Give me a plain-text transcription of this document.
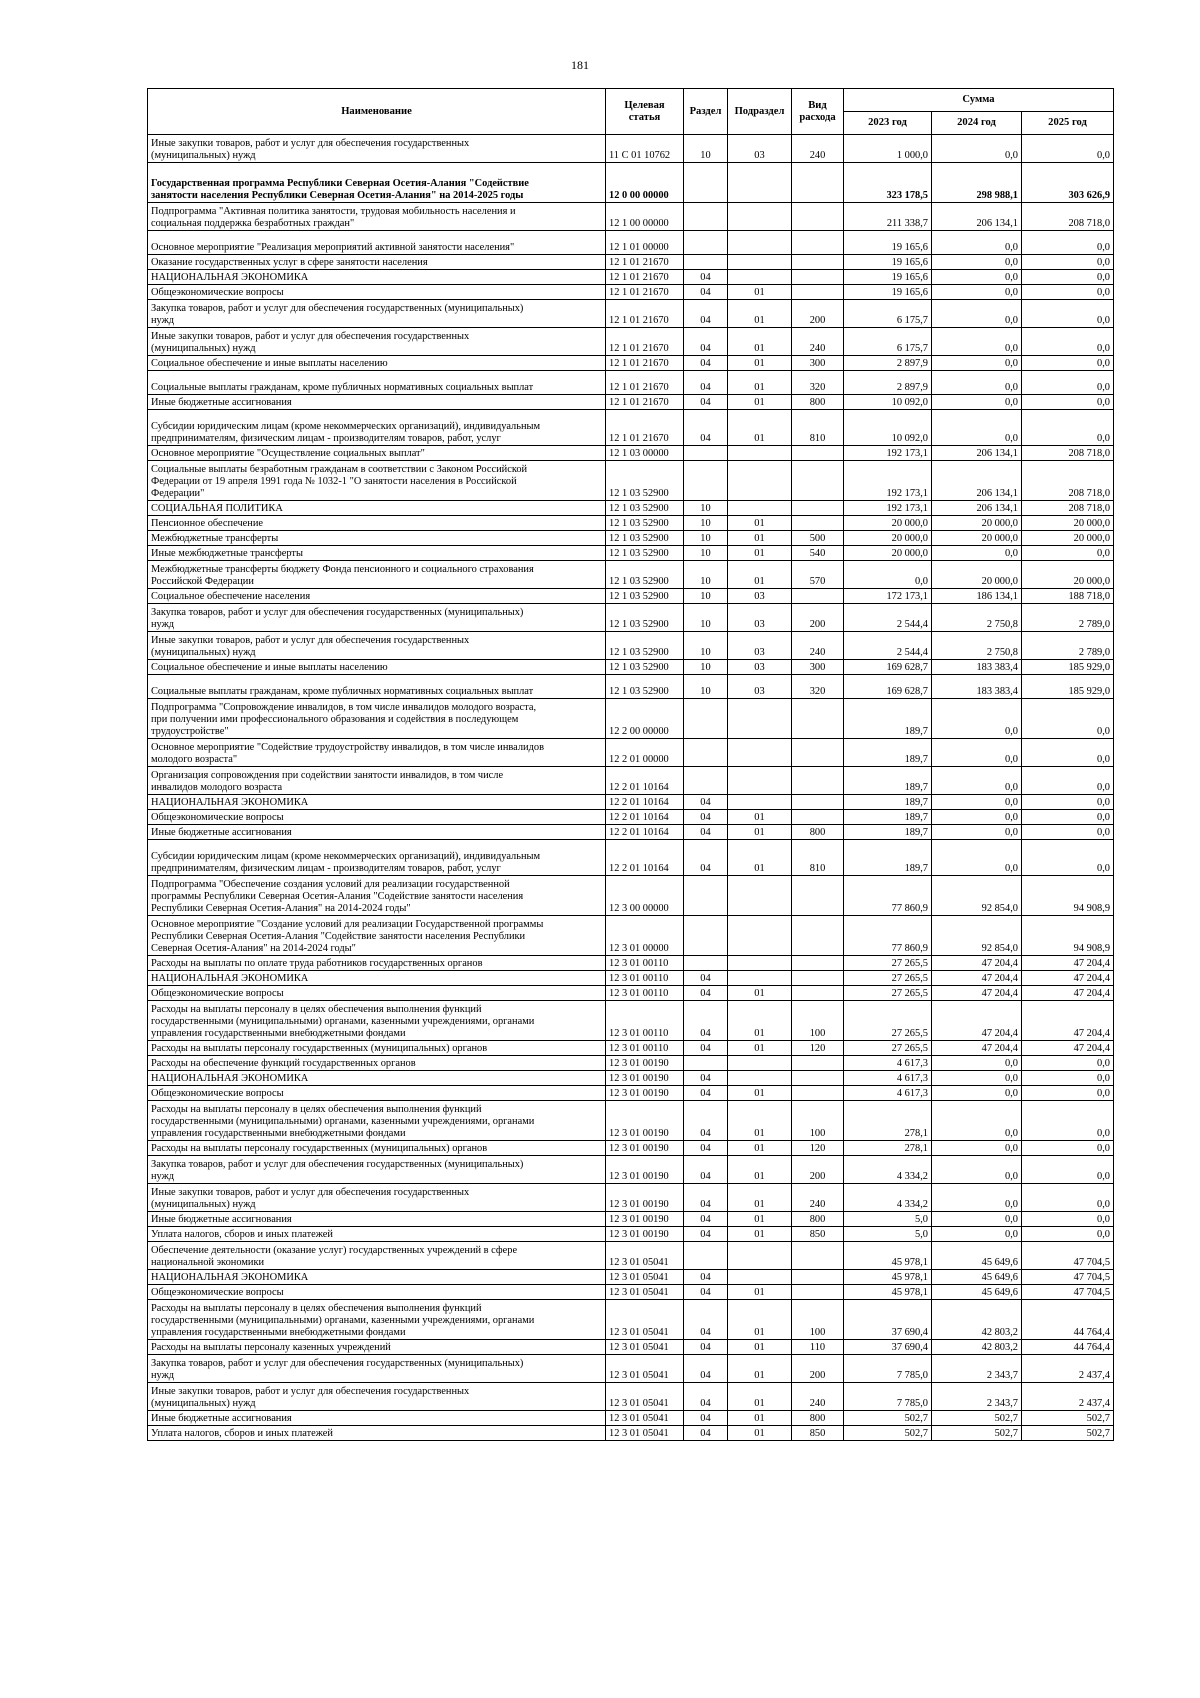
181
Наименование	Целевая статья	Раздел	Подраздел	Вид расхода	Сумма		
					2023 год	2024 год	2025 год
Иные закупки товаров, работ и услуг для обеспечения государственных
(муниципальных) нужд	11 С 01 10762	10	03	240	1 000,0	0,0	0,0
Государственная программа Республики Северная Осетия-Алания "Содействие
занятости населения Республики Северная Осетия-Алания" на 2014-2025 годы	12 0 00 00000				323 178,5	298 988,1	303 626,9
Подпрограмма "Активная политика занятости, трудовая мобильность населения и
социальная поддержка безработных граждан"	12 1 00 00000				211 338,7	206 134,1	208 718,0
Основное мероприятие "Реализация мероприятий активной занятости населения"	12 1 01 00000				19 165,6	0,0	0,0
Оказание государственных услуг в сфере занятости населения	12 1 01 21670				19 165,6	0,0	0,0
НАЦИОНАЛЬНАЯ ЭКОНОМИКА	12 1 01 21670	04			19 165,6	0,0	0,0
Общеэкономические вопросы	12 1 01 21670	04	01		19 165,6	0,0	0,0
Закупка товаров, работ и услуг для обеспечения государственных (муниципальных)
нужд	12 1 01 21670	04	01	200	6 175,7	0,0	0,0
Иные закупки товаров, работ и услуг для обеспечения государственных
(муниципальных) нужд	12 1 01 21670	04	01	240	6 175,7	0,0	0,0
Социальное обеспечение и иные выплаты населению	12 1 01 21670	04	01	300	2 897,9	0,0	0,0
Социальные выплаты гражданам, кроме публичных нормативных социальных выплат	12 1 01 21670	04	01	320	2 897,9	0,0	0,0
Иные бюджетные ассигнования	12 1 01 21670	04	01	800	10 092,0	0,0	0,0
Субсидии юридическим лицам (кроме некоммерческих организаций), индивидуальным
предпринимателям, физическим лицам - производителям товаров, работ, услуг	12 1 01 21670	04	01	810	10 092,0	0,0	0,0
Основное мероприятие "Осуществление социальных выплат"	12 1 03 00000				192 173,1	206 134,1	208 718,0
Социальные выплаты безработным гражданам в соответствии с Законом Российской
Федерации от 19 апреля 1991 года № 1032-1 "О занятости населения в Российской
Федерации"	12 1 03 52900				192 173,1	206 134,1	208 718,0
СОЦИАЛЬНАЯ ПОЛИТИКА	12 1 03 52900	10			192 173,1	206 134,1	208 718,0
Пенсионное обеспечение	12 1 03 52900	10	01		20 000,0	20 000,0	20 000,0
Межбюджетные трансферты	12 1 03 52900	10	01	500	20 000,0	20 000,0	20 000,0
Иные межбюджетные трансферты	12 1 03 52900	10	01	540	20 000,0	0,0	0,0
Межбюджетные трансферты бюджету Фонда пенсионного и социального страхования
Российской Федерации	12 1 03 52900	10	01	570	0,0	20 000,0	20 000,0
Социальное обеспечение населения	12 1 03 52900	10	03		172 173,1	186 134,1	188 718,0
Закупка товаров, работ и услуг для обеспечения государственных (муниципальных)
нужд	12 1 03 52900	10	03	200	2 544,4	2 750,8	2 789,0
Иные закупки товаров, работ и услуг для обеспечения государственных
(муниципальных) нужд	12 1 03 52900	10	03	240	2 544,4	2 750,8	2 789,0
Социальное обеспечение и иные выплаты населению	12 1 03 52900	10	03	300	169 628,7	183 383,4	185 929,0
Социальные выплаты гражданам, кроме публичных нормативных социальных выплат	12 1 03 52900	10	03	320	169 628,7	183 383,4	185 929,0
Подпрограмма "Сопровождение инвалидов, в том числе инвалидов молодого возраста,
при получении ими профессионального образования и содействия в последующем
трудоустройстве"	12 2 00 00000				189,7	0,0	0,0
Основное мероприятие "Содействие трудоустройству инвалидов, в том числе инвалидов
молодого возраста"	12 2 01 00000				189,7	0,0	0,0
Организация сопровождения при содействии занятости инвалидов, в том числе
инвалидов молодого возраста	12 2 01 10164				189,7	0,0	0,0
НАЦИОНАЛЬНАЯ ЭКОНОМИКА	12 2 01 10164	04			189,7	0,0	0,0
Общеэкономические вопросы	12 2 01 10164	04	01		189,7	0,0	0,0
Иные бюджетные ассигнования	12 2 01 10164	04	01	800	189,7	0,0	0,0
Субсидии юридическим лицам (кроме некоммерческих организаций), индивидуальным
предпринимателям, физическим лицам - производителям товаров, работ, услуг	12 2 01 10164	04	01	810	189,7	0,0	0,0
Подпрограмма "Обеспечение создания условий для реализации государственной
программы Республики Северная Осетия-Алания "Содействие занятости населения
Республики Северная Осетия-Алания" на 2014-2024 годы"	12 3 00 00000				77 860,9	92 854,0	94 908,9
Основное мероприятие "Создание условий для реализации Государственной программы
Республики Северная Осетия-Алания "Содействие занятости населения Республики
Северная Осетия-Алания" на 2014-2024 годы"	12 3 01 00000				77 860,9	92 854,0	94 908,9
Расходы на выплаты по оплате труда работников государственных органов	12 3 01 00110				27 265,5	47 204,4	47 204,4
НАЦИОНАЛЬНАЯ ЭКОНОМИКА	12 3 01 00110	04			27 265,5	47 204,4	47 204,4
Общеэкономические вопросы	12 3 01 00110	04	01		27 265,5	47 204,4	47 204,4
Расходы на выплаты персоналу в целях обеспечения выполнения функций
государственными (муниципальными) органами, казенными учреждениями, органами
управления государственными внебюджетными фондами	12 3 01 00110	04	01	100	27 265,5	47 204,4	47 204,4
Расходы на выплаты персоналу государственных (муниципальных) органов	12 3 01 00110	04	01	120	27 265,5	47 204,4	47 204,4
Расходы на обеспечение функций государственных органов	12 3 01 00190				4 617,3	0,0	0,0
НАЦИОНАЛЬНАЯ ЭКОНОМИКА	12 3 01 00190	04			4 617,3	0,0	0,0
Общеэкономические вопросы	12 3 01 00190	04	01		4 617,3	0,0	0,0
Расходы на выплаты персоналу в целях обеспечения выполнения функций
государственными (муниципальными) органами, казенными учреждениями, органами
управления государственными внебюджетными фондами	12 3 01 00190	04	01	100	278,1	0,0	0,0
Расходы на выплаты персоналу государственных (муниципальных) органов	12 3 01 00190	04	01	120	278,1	0,0	0,0
Закупка товаров, работ и услуг для обеспечения государственных (муниципальных)
нужд	12 3 01 00190	04	01	200	4 334,2	0,0	0,0
Иные закупки товаров, работ и услуг для обеспечения государственных
(муниципальных) нужд	12 3 01 00190	04	01	240	4 334,2	0,0	0,0
Иные бюджетные ассигнования	12 3 01 00190	04	01	800	5,0	0,0	0,0
Уплата налогов, сборов и иных платежей	12 3 01 00190	04	01	850	5,0	0,0	0,0
Обеспечение деятельности (оказание услуг) государственных учреждений в сфере
национальной экономики	12 3 01 05041				45 978,1	45 649,6	47 704,5
НАЦИОНАЛЬНАЯ ЭКОНОМИКА	12 3 01 05041	04			45 978,1	45 649,6	47 704,5
Общеэкономические вопросы	12 3 01 05041	04	01		45 978,1	45 649,6	47 704,5
Расходы на выплаты персоналу в целях обеспечения выполнения функций
государственными (муниципальными) органами, казенными учреждениями, органами
управления государственными внебюджетными фондами	12 3 01 05041	04	01	100	37 690,4	42 803,2	44 764,4
Расходы на выплаты персоналу казенных учреждений	12 3 01 05041	04	01	110	37 690,4	42 803,2	44 764,4
Закупка товаров, работ и услуг для обеспечения государственных (муниципальных)
нужд	12 3 01 05041	04	01	200	7 785,0	2 343,7	2 437,4
Иные закупки товаров, работ и услуг для обеспечения государственных
(муниципальных) нужд	12 3 01 05041	04	01	240	7 785,0	2 343,7	2 437,4
Иные бюджетные ассигнования	12 3 01 05041	04	01	800	502,7	502,7	502,7
Уплата налогов, сборов и иных платежей	12 3 01 05041	04	01	850	502,7	502,7	502,7
